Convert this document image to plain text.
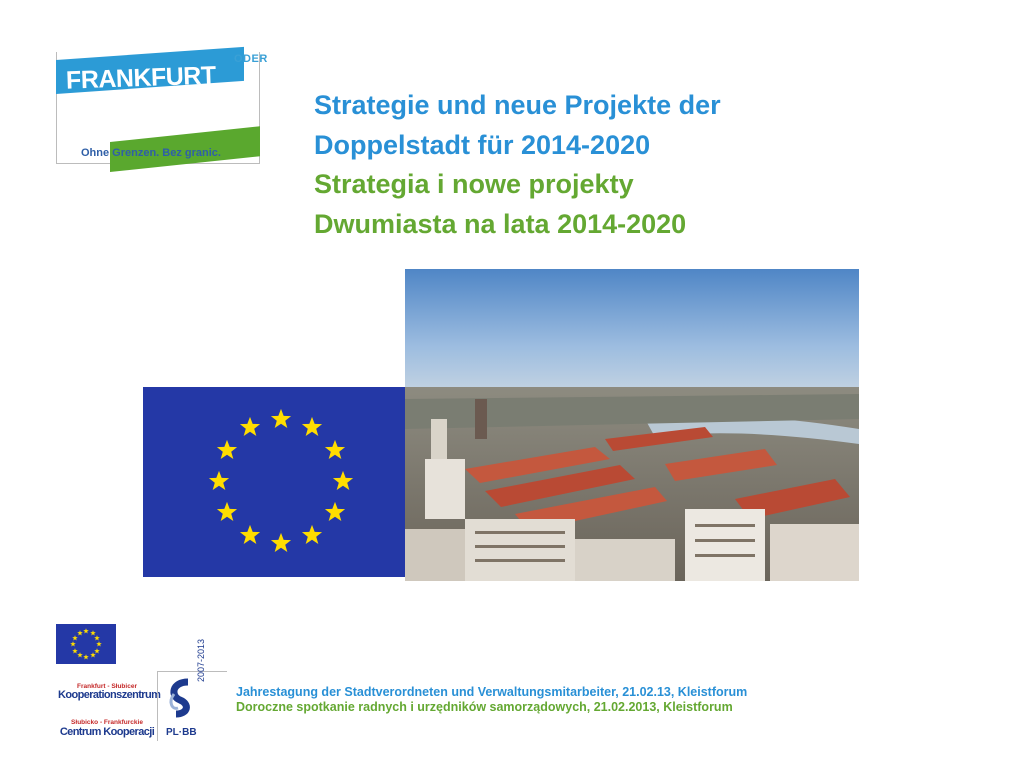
ODER
FRANKFURT
SŁUBICE
Ohne Grenzen. Bez granic.
Strategie und neue Projekte der
Doppelstadt für 2014-2020
Strategia i nowe projekty
Dwumiasta na lata 2014-2020
Frankfurt - Słubicer
Kooperationszentrum
Słubicko - Frankfurckie
Centrum Kooperacji
2007-2013
PL·BB
Jahrestagung der Stadtverordneten und Verwaltungsmitarbeiter, 21.02.13, Kleistforum
Doroczne spotkanie radnych i urzędników samorządowych, 21.02.2013, Kleistforum
